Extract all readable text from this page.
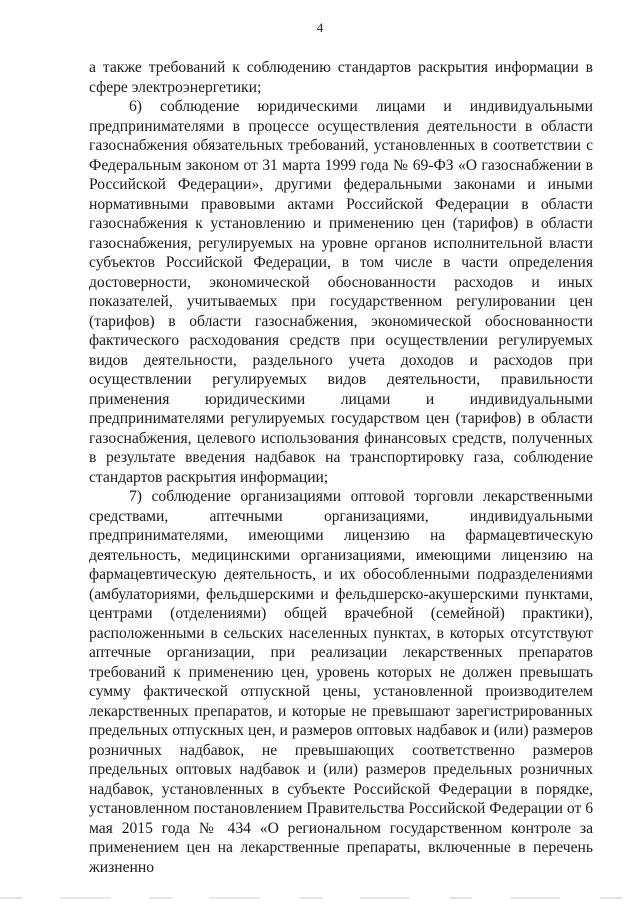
4

а также требований к соблюдению стандартов раскрытия информации в сфере электроэнергетики;

6) соблюдение юридическими лицами и индивидуальными предпринимателями в процессе осуществления деятельности в области газоснабжения обязательных требований, установленных в соответствии с Федеральным законом от 31 марта 1999 года № 69-ФЗ «О газоснабжении в Российской Федерации», другими федеральными законами и иными нормативными правовыми актами Российской Федерации в области газоснабжения к установлению и применению цен (тарифов) в области газоснабжения, регулируемых на уровне органов исполнительной власти субъектов Российской Федерации, в том числе в части определения достоверности, экономической обоснованности расходов и иных показателей, учитываемых при государственном регулировании цен (тарифов) в области газоснабжения, экономической обоснованности фактического расходования средств при осуществлении регулируемых видов деятельности, раздельного учета доходов и расходов при осуществлении регулируемых видов деятельности, правильности применения юридическими лицами и индивидуальными предпринимателями регулируемых государством цен (тарифов) в области газоснабжения, целевого использования финансовых средств, полученных в результате введения надбавок на транспортировку газа, соблюдение стандартов раскрытия информации;

7) соблюдение организациями оптовой торговли лекарственными средствами, аптечными организациями, индивидуальными предпринимателями, имеющими лицензию на фармацевтическую деятельность, медицинскими организациями, имеющими лицензию на фармацевтическую деятельность, и их обособленными подразделениями (амбулаториями, фельдшерскими и фельдшерско-акушерскими пунктами, центрами (отделениями) общей врачебной (семейной) практики), расположенными в сельских населенных пунктах, в которых отсутствуют аптечные организации, при реализации лекарственных препаратов требований к применению цен, уровень которых не должен превышать сумму фактической отпускной цены, установленной производителем лекарственных препаратов, и которые не превышают зарегистрированных предельных отпускных цен, и размеров оптовых надбавок и (или) размеров розничных надбавок, не превышающих соответственно размеров предельных оптовых надбавок и (или) размеров предельных розничных надбавок, установленных в субъекте Российской Федерации в порядке, установленном постановлением Правительства Российской Федерации от 6 мая 2015 года № 434 «О региональном государственном контроле за применением цен на лекарственные препараты, включенные в перечень жизненно
